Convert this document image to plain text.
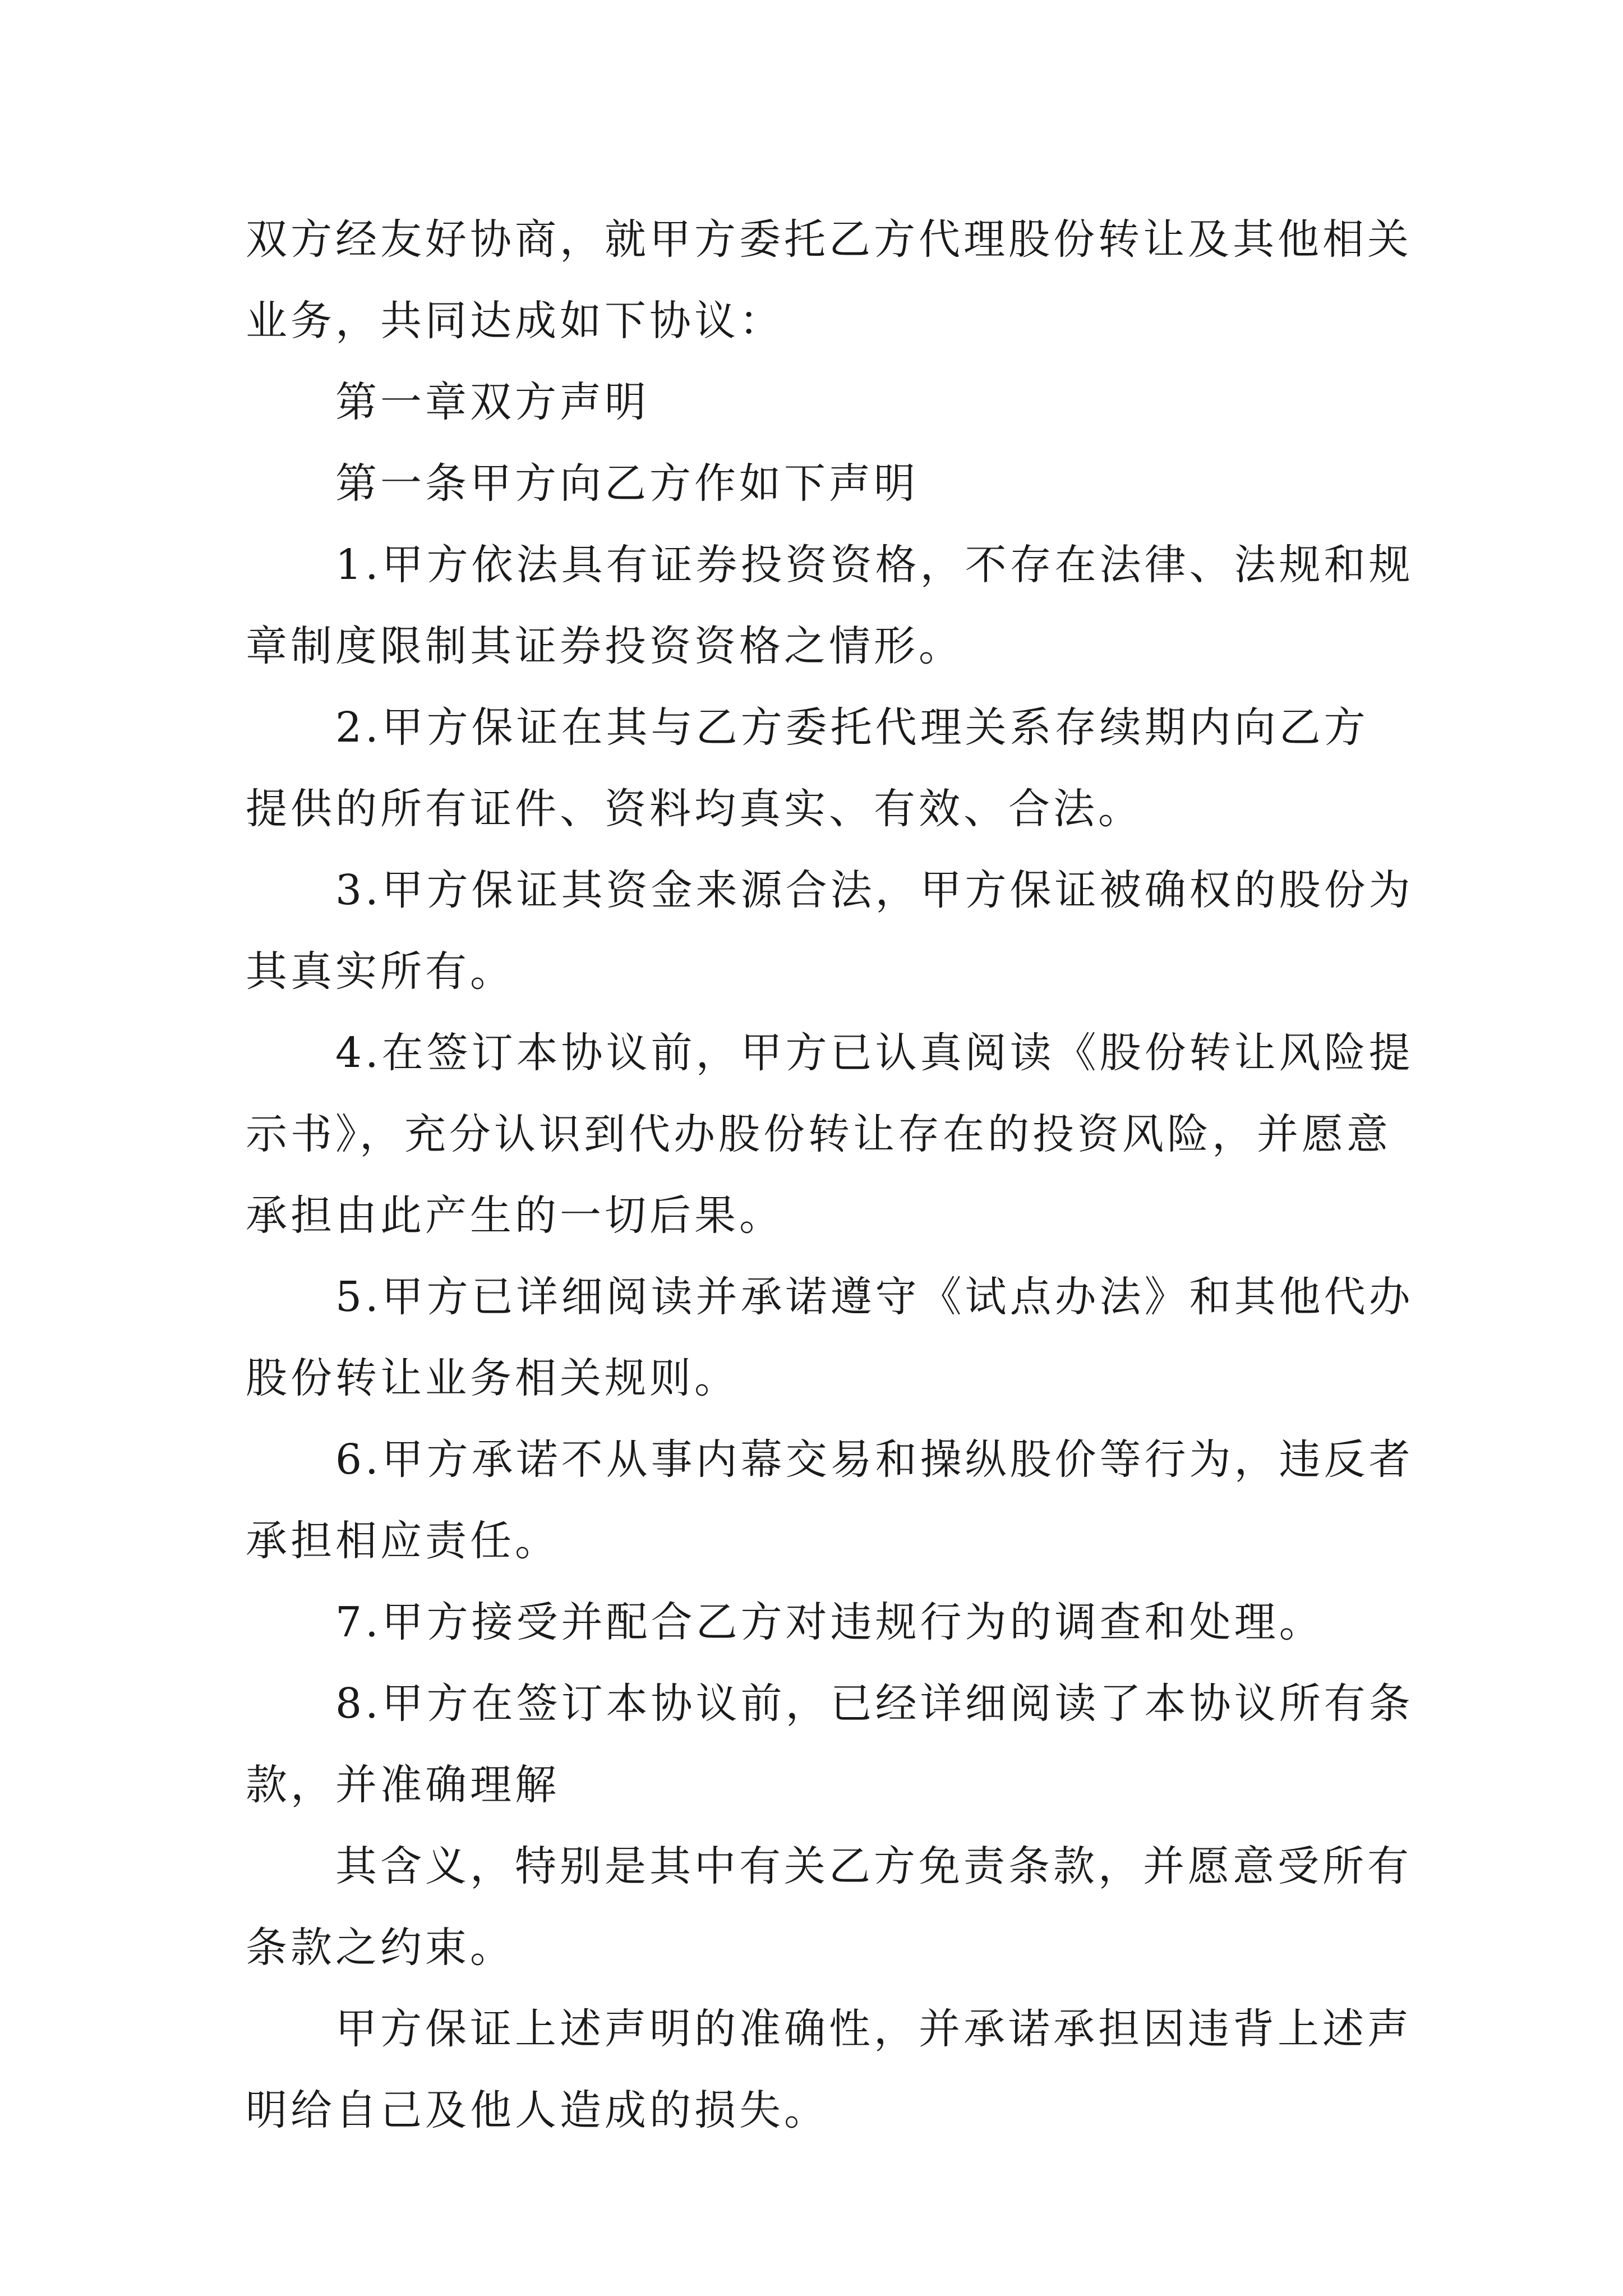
双方经友好协商，就甲方委托乙方代理股份转让及其他相关
业务，共同达成如下协议：
第一章双方声明
第一条甲方向乙方作如下声明
1.甲方依法具有证券投资资格，不存在法律、法规和规
章制度限制其证券投资资格之情形。
2.甲方保证在其与乙方委托代理关系存续期内向乙方
提供的所有证件、资料均真实、有效、合法。
3.甲方保证其资金来源合法，甲方保证被确权的股份为
其真实所有。
4.在签订本协议前，甲方已认真阅读《股份转让风险提
示书》，充分认识到代办股份转让存在的投资风险，并愿意
承担由此产生的一切后果。
5.甲方已详细阅读并承诺遵守《试点办法》和其他代办
股份转让业务相关规则。
6.甲方承诺不从事内幕交易和操纵股价等行为，违反者
承担相应责任。
7.甲方接受并配合乙方对违规行为的调查和处理。
8.甲方在签订本协议前，已经详细阅读了本协议所有条
款，并准确理解
其含义，特别是其中有关乙方免责条款，并愿意受所有
条款之约束。
甲方保证上述声明的准确性，并承诺承担因违背上述声
明给自己及他人造成的损失。
